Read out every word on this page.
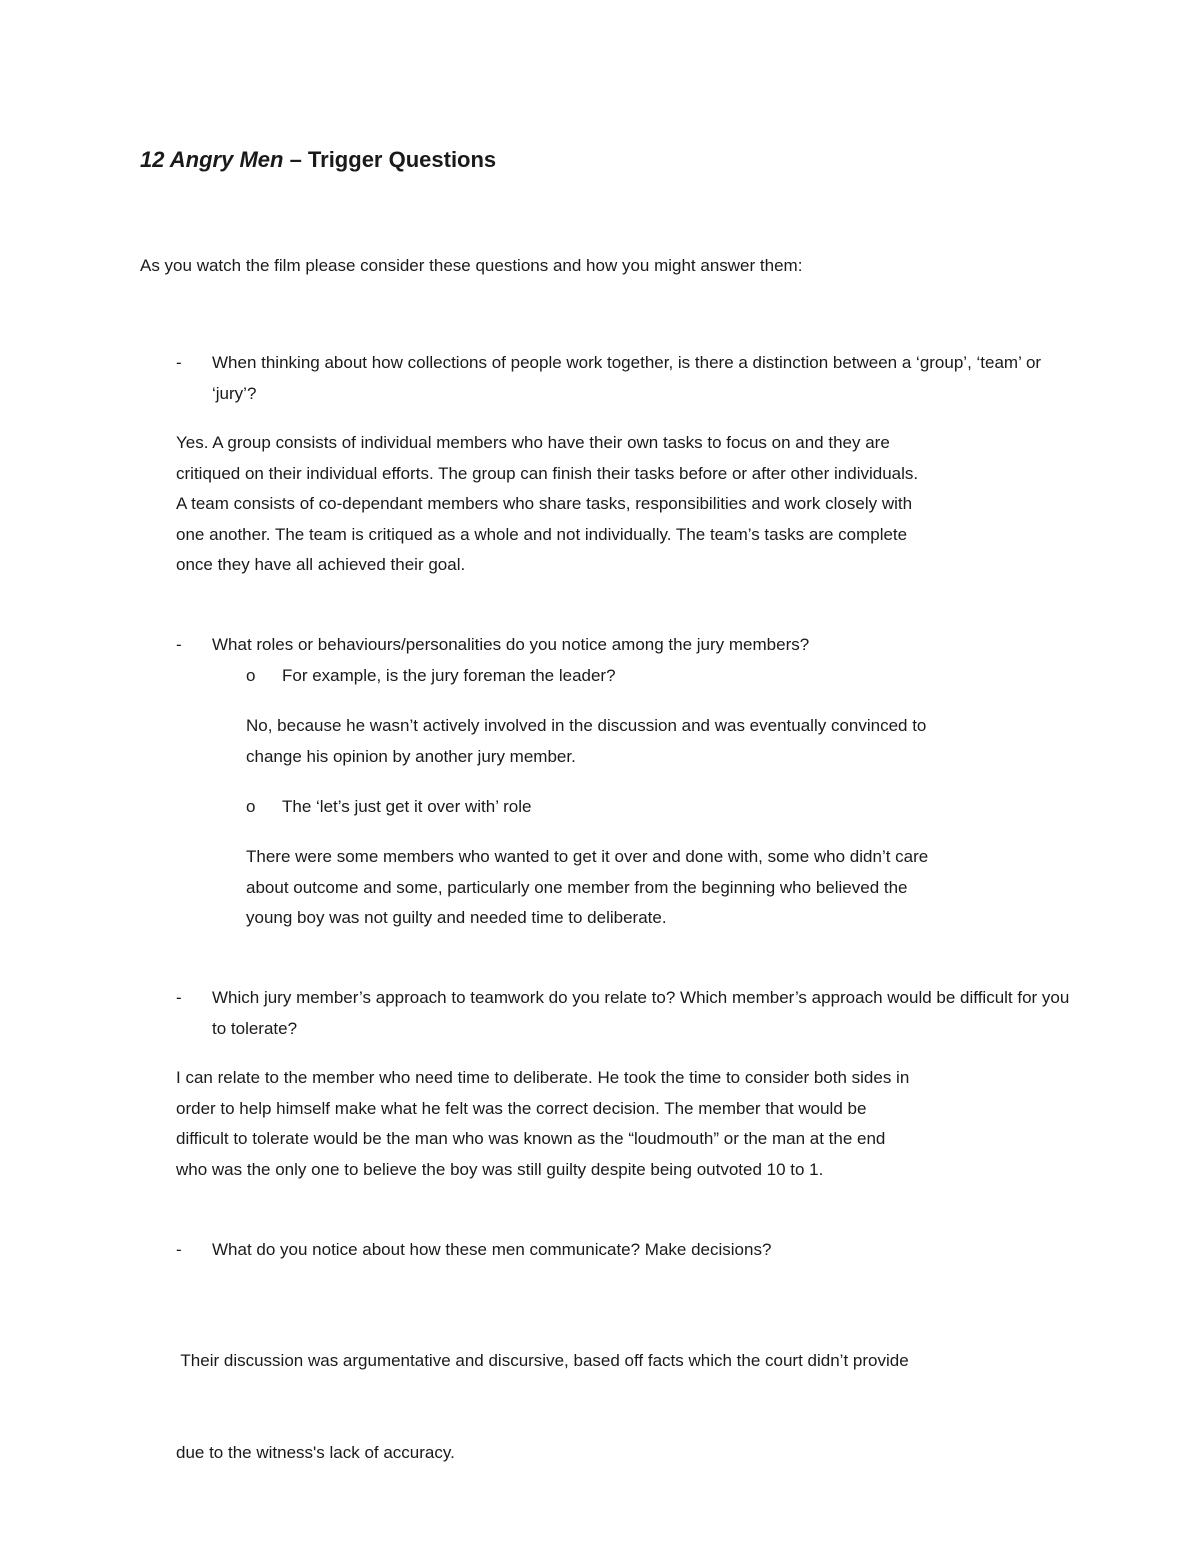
12 Angry Men – Trigger Questions

As you watch the film please consider these questions and how you might answer them:

- When thinking about how collections of people work together, is there a distinction between a ‘group’, ‘team’ or ‘jury’?

Yes. A group consists of individual members who have their own tasks to focus on and they are
critiqued on their individual efforts. The group can finish their tasks before or after other individuals.
A team consists of co-dependant members who share tasks, responsibilities and work closely with
one another. The team is critiqued as a whole and not individually. The team’s tasks are complete
once they have all achieved their goal.

- What roles or behaviours/personalities do you notice among the jury members?

o For example, is the jury foreman the leader?

No, because he wasn’t actively involved in the discussion and was eventually convinced to
change his opinion by another jury member.

o The ‘let’s just get it over with’ role

There were some members who wanted to get it over and done with, some who didn’t care
about outcome and some, particularly one member from the beginning who believed the
young boy was not guilty and needed time to deliberate.

- Which jury member’s approach to teamwork do you relate to? Which member’s approach would be difficult for you to tolerate?

I can relate to the member who need time to deliberate. He took the time to consider both sides in
order to help himself make what he felt was the correct decision. The member that would be
difficult to tolerate would be the man who was known as the “loudmouth” or the man at the end
who was the only one to believe the boy was still guilty despite being outvoted 10 to 1.

- What do you notice about how these men communicate? Make decisions?

Their discussion was argumentative and discursive, based off facts which the court didn’t provide

due to the witness's lack of accuracy.
